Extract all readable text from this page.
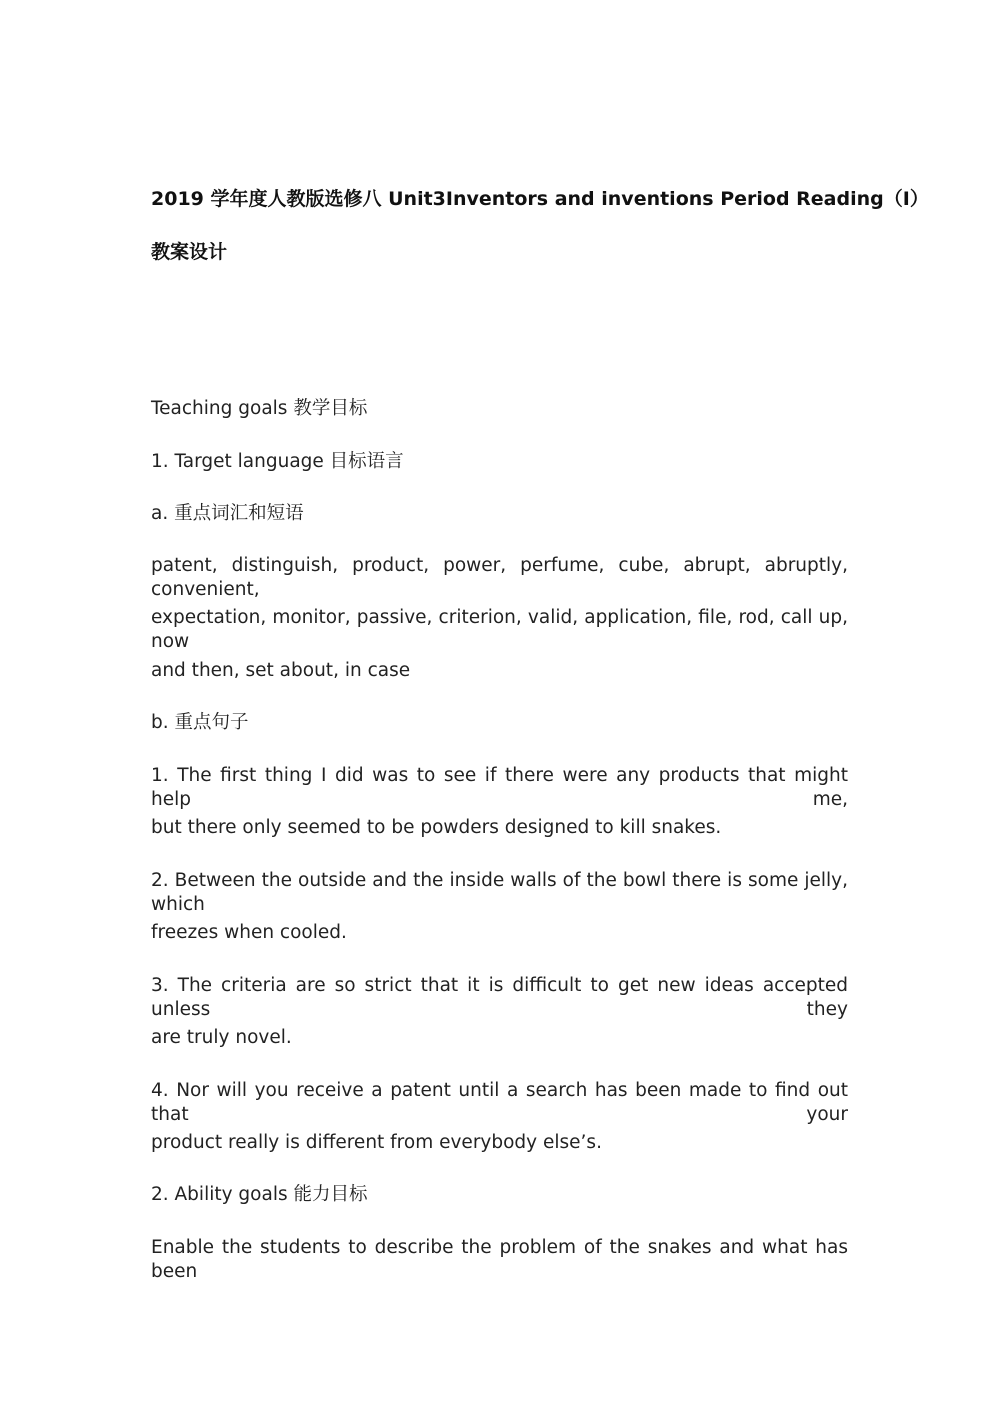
2019 学年度人教版选修八 Unit3Inventors and inventions Period Reading（Ⅰ）
教案设计
Teaching goals 教学目标
1. Target language 目标语言
a. 重点词汇和短语
patent, distinguish, product, power, perfume, cube, abrupt, abruptly, convenient,
expectation, monitor, passive, criterion, valid, application, file, rod, call up, now
and then, set about, in case
b. 重点句子
1. The first thing I did was to see if there were any products that might help me,
but there only seemed to be powders designed to kill snakes.
2. Between the outside and the inside walls of the bowl there is some jelly, which
freezes when cooled.
3. The criteria are so strict that it is difficult to get new ideas accepted unless they
are truly novel.
4. Nor will you receive a patent until a search has been made to find out that your
product really is different from everybody else’s.
2. Ability goals 能力目标
Enable the students to describe the problem of the snakes and what has been
